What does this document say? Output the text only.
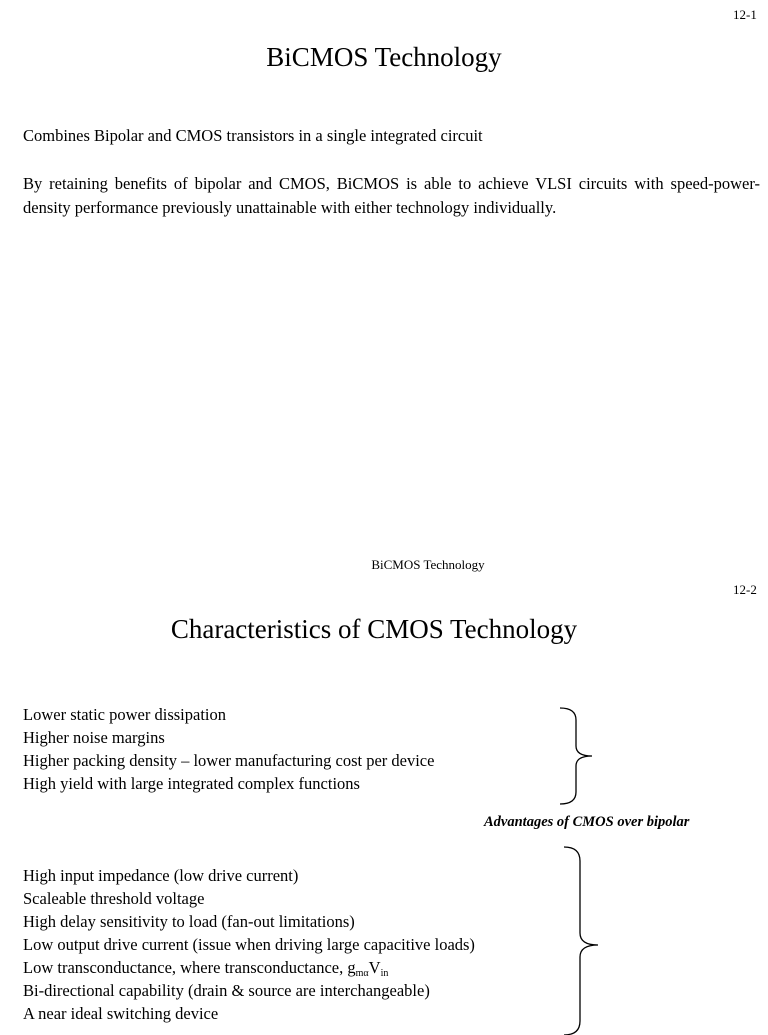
12-1
BiCMOS Technology
Combines Bipolar and CMOS transistors in a single integrated circuit
By retaining benefits of bipolar and CMOS, BiCMOS is able to achieve VLSI circuits with speed-power-density performance previously unattainable with either technology individually.
BiCMOS Technology
12-2
Characteristics of CMOS Technology
Lower static power dissipation
Higher noise margins
Higher packing density – lower manufacturing cost per device
High yield with large integrated complex functions
Advantages of CMOS over bipolar
High input impedance (low drive current)
Scaleable threshold voltage
High delay sensitivity to load (fan-out limitations)
Low output drive current (issue when driving large capacitive loads)
Low transconductance, where transconductance, $g_{m\alpha}V_{in}$
Bi-directional capability (drain & source are interchangeable)
A near ideal switching device
